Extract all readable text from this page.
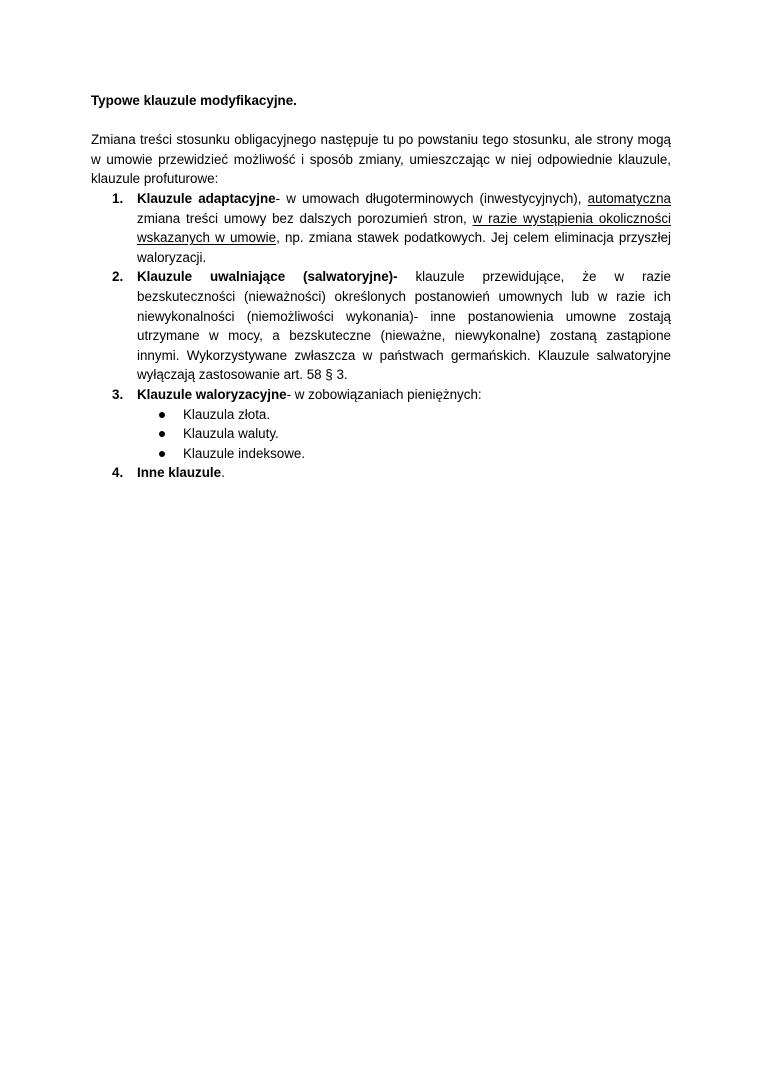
Typowe klauzule modyfikacyjne.

Zmiana treści stosunku obligacyjnego następuje tu po powstaniu tego stosunku, ale strony mogą w umowie przewidzieć możliwość i sposób zmiany, umieszczając w niej odpowiednie klauzule, klauzule profuturowe:

1. Klauzule adaptacyjne- w umowach długoterminowych (inwestycyjnych), automatyczna zmiana treści umowy bez dalszych porozumień stron, w razie wystąpienia okoliczności wskazanych w umowie, np. zmiana stawek podatkowych. Jej celem eliminacja przyszłej waloryzacji.
2. Klauzule uwalniające (salwatoryjne)- klauzule przewidujące, że w razie bezskuteczności (nieważności) określonych postanowień umownych lub w razie ich niewykonalności (niemożliwości wykonania)- inne postanowienia umowne zostają utrzymane w mocy, a bezskuteczne (nieważne, niewykonalne) zostaną zastąpione innymi. Wykorzystywane zwłaszcza w państwach germańskich. Klauzule salwatoryjne wyłączają zastosowanie art. 58 § 3.
3. Klauzule waloryzacyjne- w zobowiązaniach pieniężnych:
Klauzula złota.
Klauzula waluty.
Klauzule indeksowe.
4. Inne klauzule.
